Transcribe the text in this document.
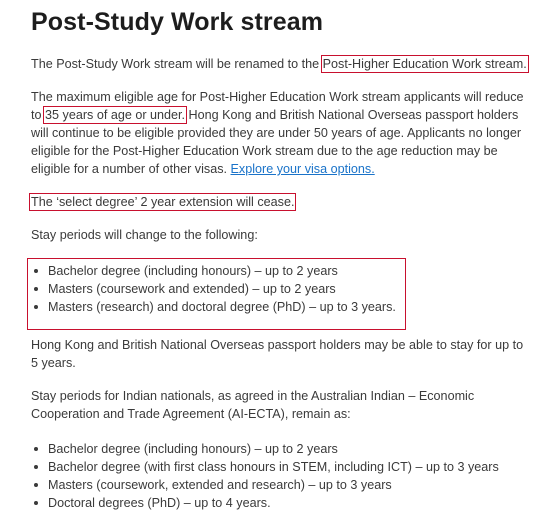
Post-Study Work stream
The Post-Study Work stream will be renamed to the Post-Higher Education Work stream.
The maximum eligible age for Post-Higher Education Work stream applicants will reduce
to 35 years of age or under. Hong Kong and British National Overseas passport holders
will continue to be eligible provided they are under 50 years of age. Applicants no longer
eligible for the Post-Higher Education Work stream due to the age reduction may be
eligible for a number of other visas. Explore your visa options.
The ‘select degree’ 2 year extension will cease.
Stay periods will change to the following:
Bachelor degree (including honours) – up to 2 years
Masters (coursework and extended) – up to 2 years
Masters (research) and doctoral degree (PhD) – up to 3 years.
Hong Kong and British National Overseas passport holders may be able to stay for up to
5 years.
Stay periods for Indian nationals, as agreed in the Australian Indian – Economic
Cooperation and Trade Agreement (AI-ECTA), remain as:
Bachelor degree (including honours) – up to 2 years
Bachelor degree (with first class honours in STEM, including ICT) – up to 3 years
Masters (coursework, extended and research) – up to 3 years
Doctoral degrees (PhD) – up to 4 years.
